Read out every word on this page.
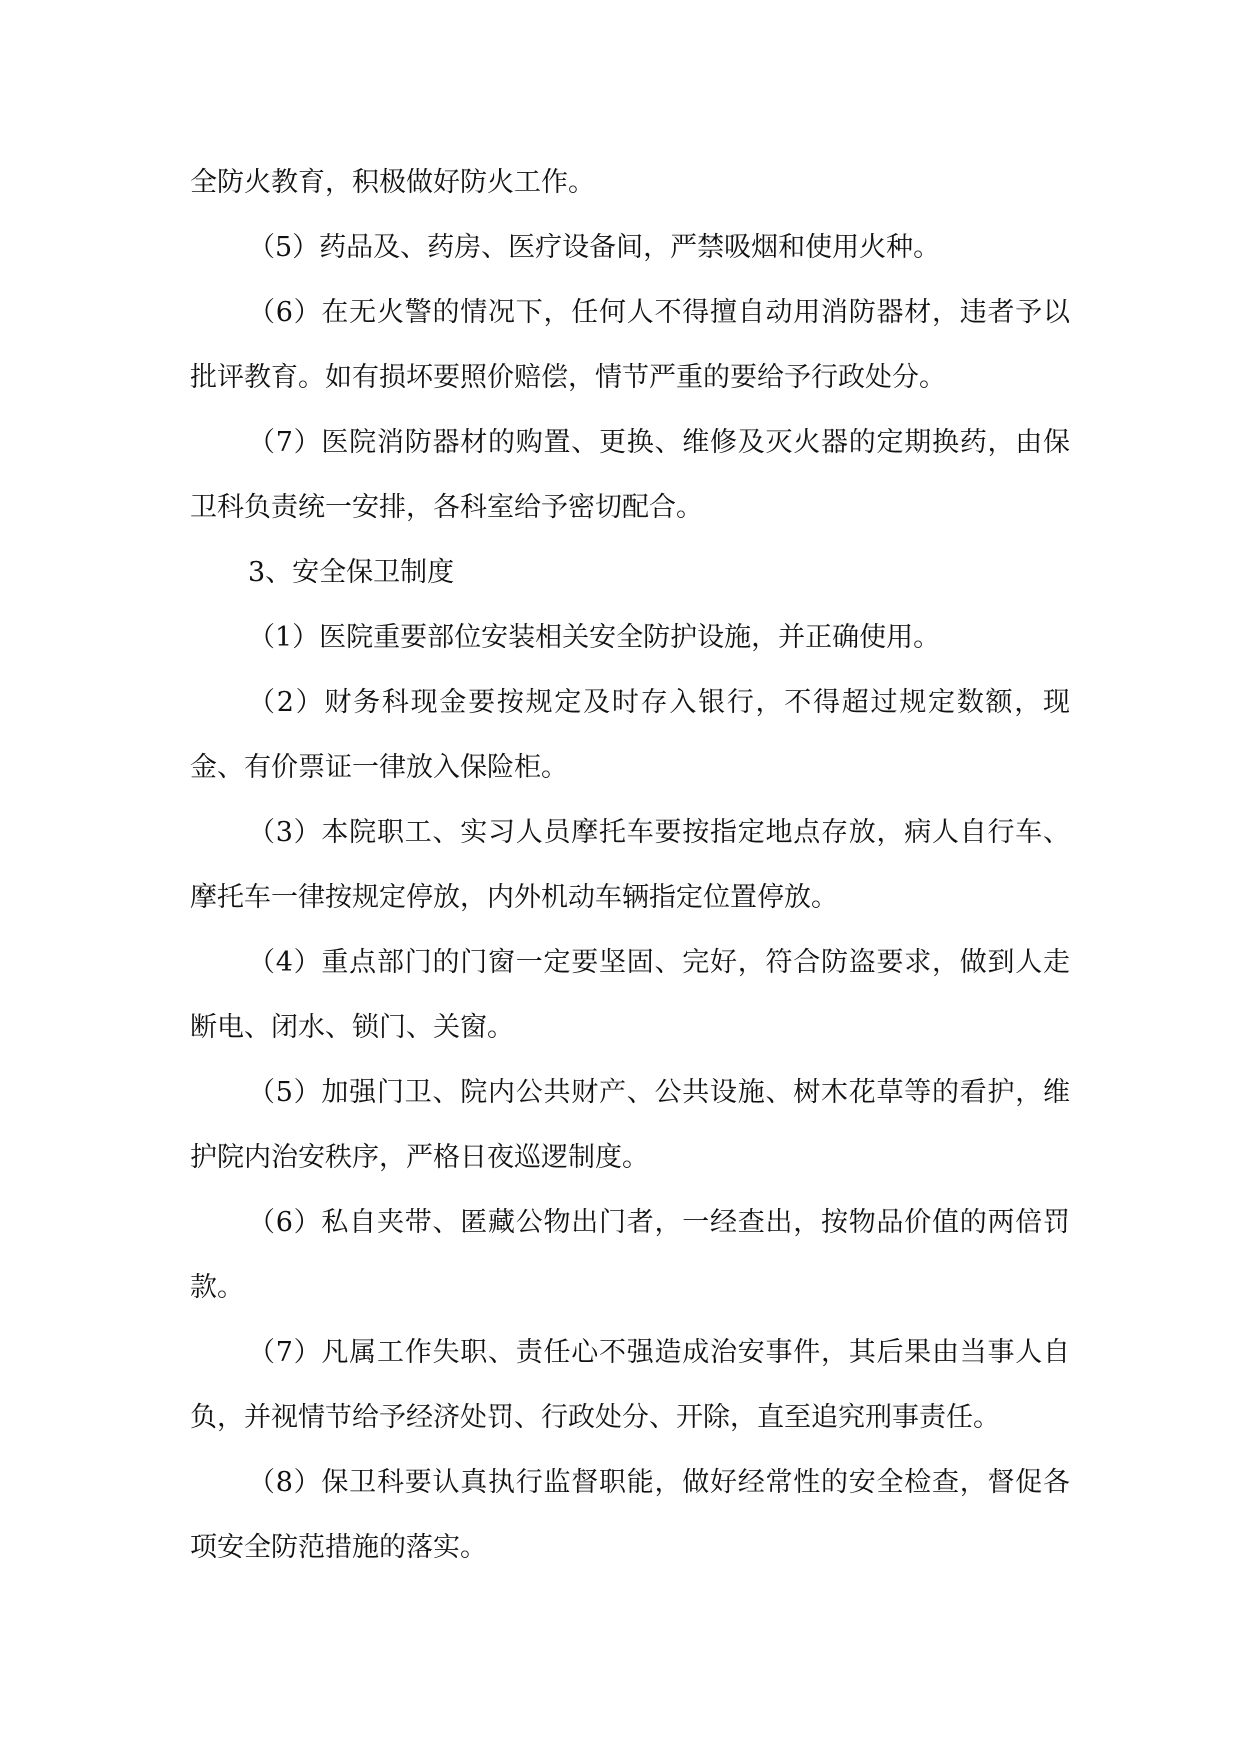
全防火教育，积极做好防火工作。

（5）药品及、药房、医疗设备间，严禁吸烟和使用火种。

（6）在无火警的情况下，任何人不得擅自动用消防器材，违者予以批评教育。如有损坏要照价赔偿，情节严重的要给予行政处分。

（7）医院消防器材的购置、更换、维修及灭火器的定期换药，由保卫科负责统一安排，各科室给予密切配合。

3、安全保卫制度

（1）医院重要部位安装相关安全防护设施，并正确使用。

（2）财务科现金要按规定及时存入银行，不得超过规定数额，现金、有价票证一律放入保险柜。

（3）本院职工、实习人员摩托车要按指定地点存放，病人自行车、摩托车一律按规定停放，内外机动车辆指定位置停放。

（4）重点部门的门窗一定要坚固、完好，符合防盗要求，做到人走断电、闭水、锁门、关窗。

（5）加强门卫、院内公共财产、公共设施、树木花草等的看护，维护院内治安秩序，严格日夜巡逻制度。

（6）私自夹带、匿藏公物出门者，一经查出，按物品价值的两倍罚款。

（7）凡属工作失职、责任心不强造成治安事件，其后果由当事人自负，并视情节给予经济处罚、行政处分、开除，直至追究刑事责任。

（8）保卫科要认真执行监督职能，做好经常性的安全检查，督促各项安全防范措施的落实。
